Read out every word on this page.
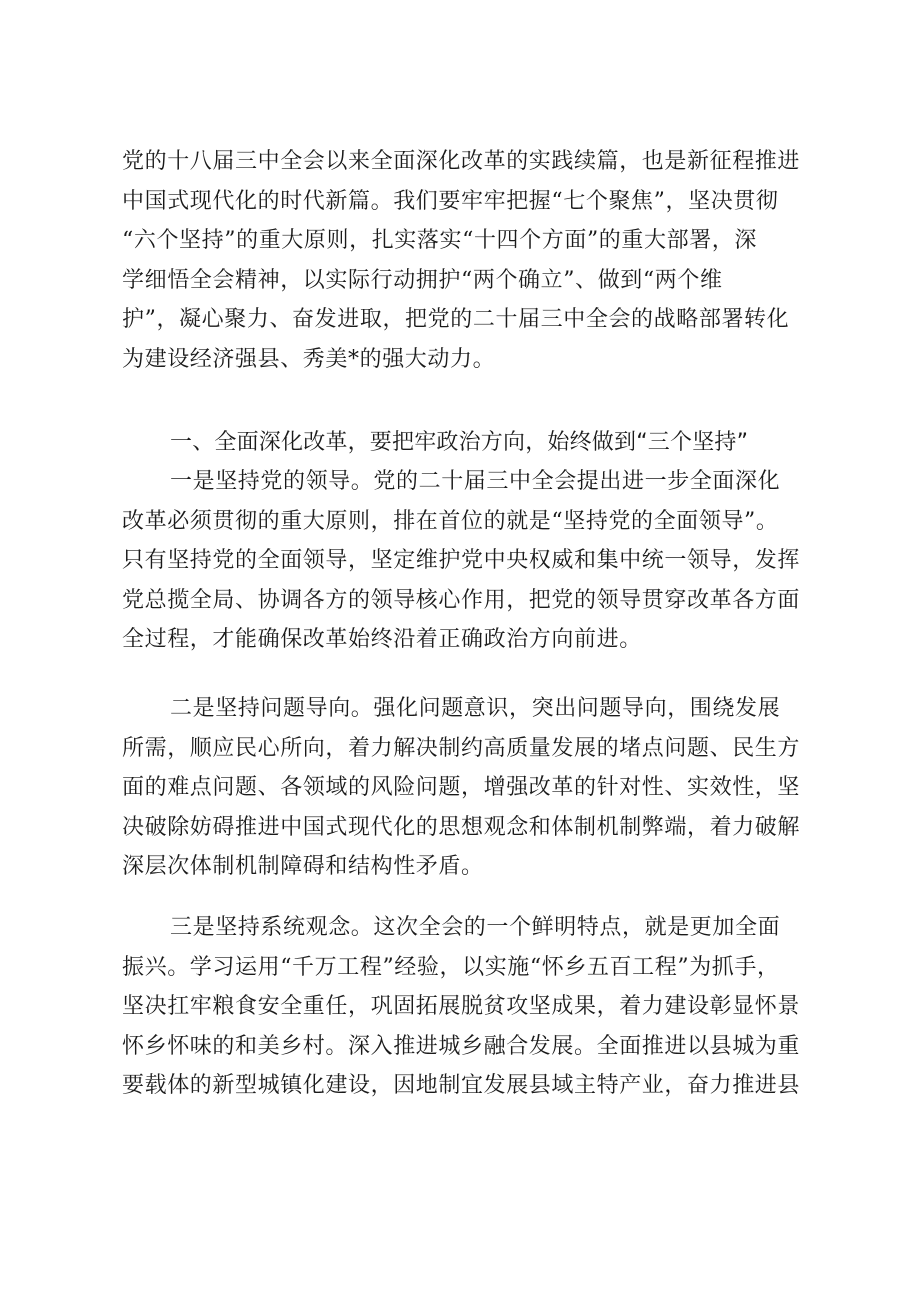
党的十八届三中全会以来全面深化改革的实践续篇，也是新征程推进
中国式现代化的时代新篇。我们要牢牢把握“七个聚焦”，坚决贯彻
“六个坚持”的重大原则，扎实落实“十四个方面”的重大部署，深
学细悟全会精神，以实际行动拥护“两个确立”、做到“两个维
护”，凝心聚力、奋发进取，把党的二十届三中全会的战略部署转化
为建设经济强县、秀美*的强大动力。
一、全面深化改革，要把牢政治方向，始终做到“三个坚持”
一是坚持党的领导。党的二十届三中全会提出进一步全面深化
改革必须贯彻的重大原则，排在首位的就是“坚持党的全面领导”。
只有坚持党的全面领导，坚定维护党中央权威和集中统一领导，发挥
党总揽全局、协调各方的领导核心作用，把党的领导贯穿改革各方面
全过程，才能确保改革始终沿着正确政治方向前进。
二是坚持问题导向。强化问题意识，突出问题导向，围绕发展
所需，顺应民心所向，着力解决制约高质量发展的堵点问题、民生方
面的难点问题、各领域的风险问题，增强改革的针对性、实效性，坚
决破除妨碍推进中国式现代化的思想观念和体制机制弊端，着力破解
深层次体制机制障碍和结构性矛盾。
三是坚持系统观念。这次全会的一个鲜明特点，就是更加全面
振兴。学习运用“千万工程”经验，以实施“怀乡五百工程”为抓手，
坚决扛牢粮食安全重任，巩固拓展脱贫攻坚成果，着力建设彰显怀景
怀乡怀味的和美乡村。深入推进城乡融合发展。全面推进以县城为重
要载体的新型城镇化建设，因地制宜发展县域主特产业，奋力推进县
